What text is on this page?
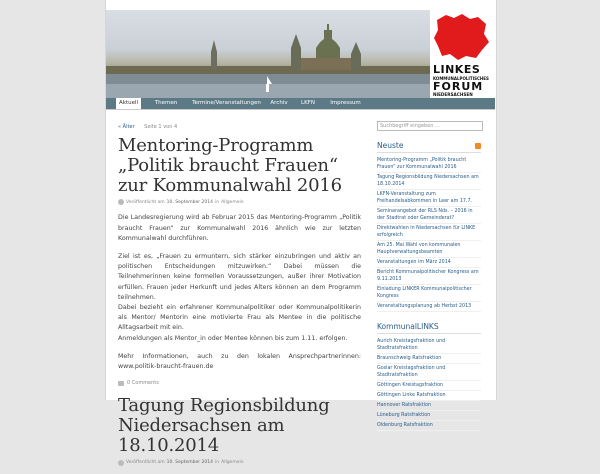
LINKES
KOMMUNALPOLITISCHES
FORUM
NIEDERSACHSEN
Aktuell	Themen	Termine/Veranstaltungen	Archiv	LKFN	Impressum
« Älter Seite 1 von 4
Mentoring-Programm „Politik braucht Frauen“ zur Kommunalwahl 2016
Veröffentlicht am 10. September 2014 in Allgemein

Die Landesregierung wird ab Februar 2015 das Mentoring-Programm „Politik braucht Frauen“ zur Kommunalwahl 2016 ähnlich wie zur letzten Kommunalwahl durchführen.

Ziel ist es, „Frauen zu ermuntern, sich stärker einzubringen und aktiv an politischen Entscheidungen mitzuwirken.“ Dabei müssen die Teilnehmerinnen keine formellen Voraussetzungen, außer ihrer Motivation erfüllen. Frauen jeder Herkunft und jedes Alters können an dem Programm teilnehmen.
Dabei bezieht ein erfahrener Kommunalpolitiker oder Kommunalpolitikerin als Mentor/ Mentorin eine motivierte Frau als Mentee in die politische Alltagsarbeit mit ein.
Anmeldungen als Mentor_in oder Mentee können bis zum 1.11. erfolgen.

Mehr Informationen, auch zu den lokalen Ansprechpartnerinnen: www.politik-braucht-frauen.de

0 Comments
Tagung Regionsbildung Niedersachsen am 18.10.2014
Veröffentlicht am 10. September 2014 in Allgemein
Suchbegriff eingeben ...
Neuste
Mentoring-Programm „Politik braucht Frauen“ zur Kommunalwahl 2016
Tagung Regionsbildung Niedersachsen am 18.10.2014
LKFN-Veranstaltung zum Freihandelsabkommen in Leer am 17.7.
Seminarangebot der RLS Nds. – 2016 in der Stadtrat oder Gemeinderat?
Direktwahlen in Niedersachsen für LINKE erfolgreich
Am 25. Mai Wahl von kommunalen Hauptverwaltungsbeamten
Veranstaltungen im März 2014
Bericht Kommunalpolitischer Kongress am 9.11.2013
Einladung LINKER Kommunalpolitischer Kongress
Veranstaltungsplanung ab Herbst 2013
KommunalLINKS
Aurich Kreistagsfraktion und Stadtratsfraktion
Braunschweig Ratsfraktion
Goslar Kreistagsfraktion und Stadtratsfraktion
Göttingen Kreistagsfraktion
Göttingen Linke Ratsfraktion
Hannover Ratsfraktion
Lüneburg Ratsfraktion
Oldenburg Ratsfraktion
